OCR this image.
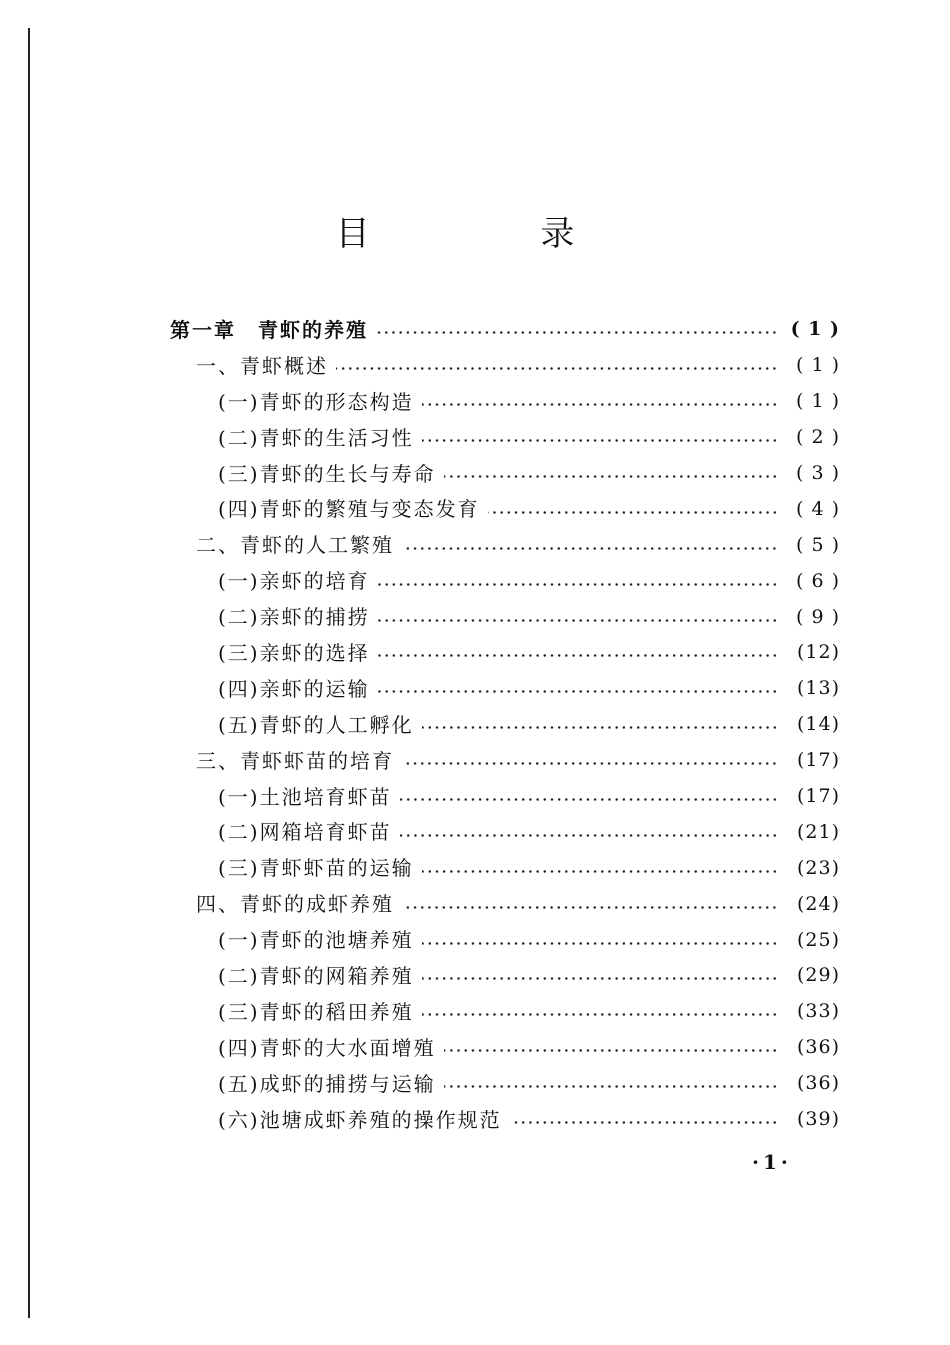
目 录
第一章　青虾的养殖	( 1 )
一、青虾概述	( 1 )
(一)青虾的形态构造	( 1 )
(二)青虾的生活习性	( 2 )
(三)青虾的生长与寿命	( 3 )
(四)青虾的繁殖与变态发育	( 4 )
二、青虾的人工繁殖	( 5 )
(一)亲虾的培育	( 6 )
(二)亲虾的捕捞	( 9 )
(三)亲虾的选择	(12)
(四)亲虾的运输	(13)
(五)青虾的人工孵化	(14)
三、青虾虾苗的培育	(17)
(一)土池培育虾苗	(17)
(二)网箱培育虾苗	(21)
(三)青虾虾苗的运输	(23)
四、青虾的成虾养殖	(24)
(一)青虾的池塘养殖	(25)
(二)青虾的网箱养殖	(29)
(三)青虾的稻田养殖	(33)
(四)青虾的大水面增殖	(36)
(五)成虾的捕捞与运输	(36)
(六)池塘成虾养殖的操作规范	(39)
·1·
